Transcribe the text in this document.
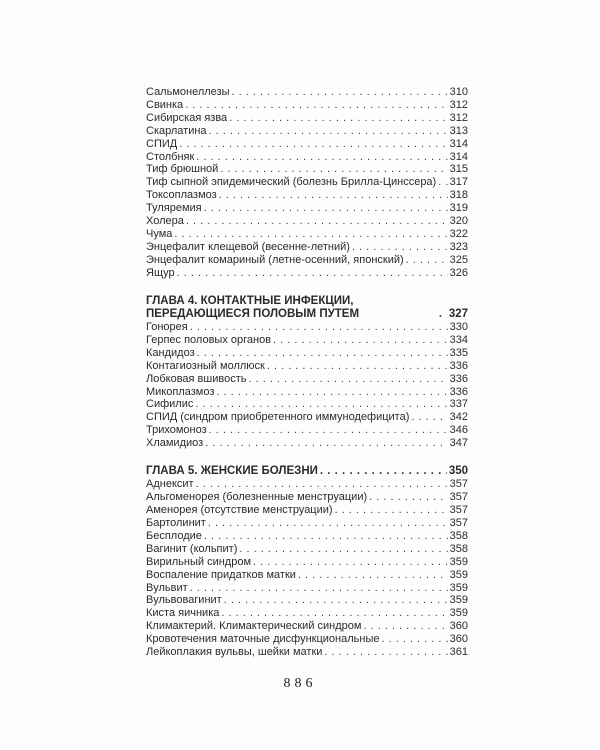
Сальмонеллезы . . .	310
Свинка . . .	312
Сибирская язва . . .	312
Скарлатина . . .	313
СПИД . . .	314
Столбняк . . .	314
Тиф брюшной . . .	315
Тиф сыпной эпидемический (болезнь Брилла-Цинссера) . . . 317
Токсоплазмоз . . .	318
Туляремия . . .	319
Холера . . .	320
Чума . . .	322
Энцефалит клещевой (весенне-летний) . . .	323
Энцефалит комариный (летне-осенний, японский) . . .	325
Ящур . . .	326
ГЛАВА 4. КОНТАКТНЫЕ ИНФЕКЦИИ, ПЕРЕДАЮЩИЕСЯ ПОЛОВЫМ ПУТЕМ . . .	327
Гонорея . . .	330
Герпес половых органов . . .	334
Кандидоз . . .	335
Контагиозный моллюск . . .	336
Лобковая вшивость . . .	336
Микоплазмоз . . .	336
Сифилис . . .	337
СПИД (синдром приобретенного иммунодефицита) . . .	342
Трихомоноз . . .	346
Хламидиоз . . .	347
ГЛАВА 5. ЖЕНСКИЕ БОЛЕЗНИ . . .	350
Аднексит . . .	357
Альгоменорея (болезненные менструации) . . .	357
Аменорея (отсутствие менструации) . . .	357
Бартолинит . . .	357
Бесплодие . . .	358
Вагинит (кольпит) . . .	358
Вирильный синдром . . .	359
Воспаление придатков матки . . .	359
Вульвит . . .	359
Вульвовагинит . . .	359
Киста яичника . . .	359
Климактерий. Климактерический синдром . . .	360
Кровотечения маточные дисфункциональные . . .	360
Лейкоплакия вульвы, шейки матки . . .	361
886
